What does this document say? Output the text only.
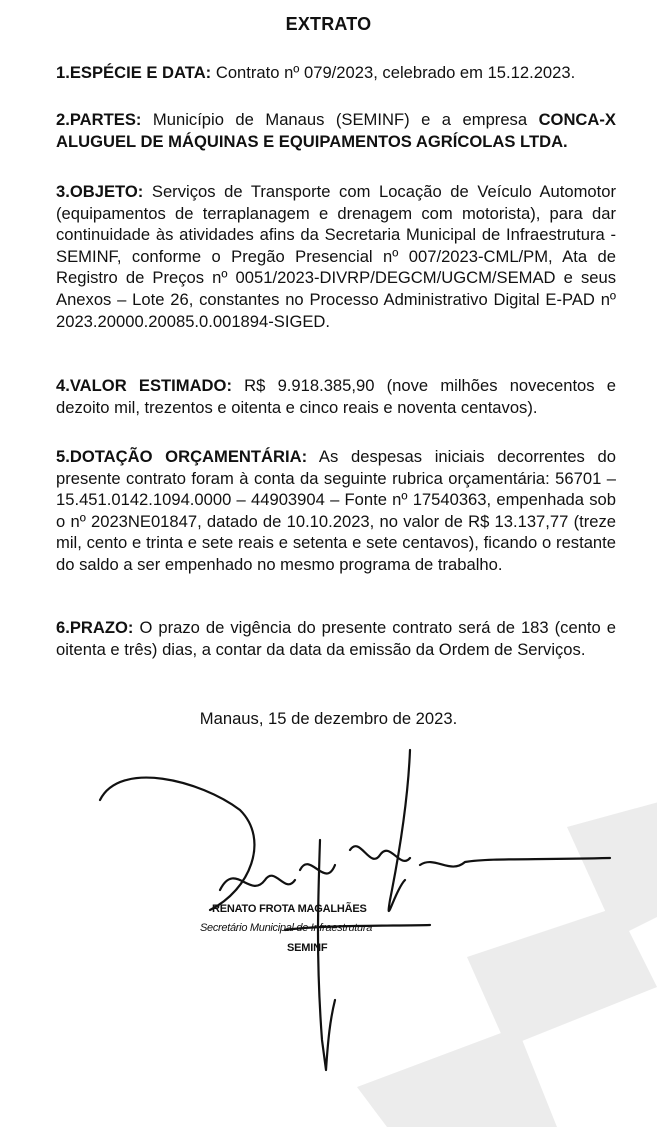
EXTRATO

1.ESPÉCIE E DATA: Contrato nº 079/2023, celebrado em 15.12.2023.

2.PARTES: Município de Manaus (SEMINF) e a empresa CONCA-X ALUGUEL DE MÁQUINAS E EQUIPAMENTOS AGRÍCOLAS LTDA.

3.OBJETO: Serviços de Transporte com Locação de Veículo Automotor (equipamentos de terraplanagem e drenagem com motorista), para dar continuidade às atividades afins da Secretaria Municipal de Infraestrutura - SEMINF, conforme o Pregão Presencial nº 007/2023-CML/PM, Ata de Registro de Preços nº 0051/2023-DIVRP/DEGCM/UGCM/SEMAD e seus Anexos – Lote 26, constantes no Processo Administrativo Digital E-PAD nº 2023.20000.20085.0.001894-SIGED.

4.VALOR ESTIMADO: R$ 9.918.385,90 (nove milhões novecentos e dezoito mil, trezentos e oitenta e cinco reais e noventa centavos).

5.DOTAÇÃO ORÇAMENTÁRIA: As despesas iniciais decorrentes do presente contrato foram à conta da seguinte rubrica orçamentária: 56701 – 15.451.0142.1094.0000 – 44903904 – Fonte nº 17540363, empenhada sob o nº 2023NE01847, datado de 10.10.2023, no valor de R$ 13.137,77 (treze mil, cento e trinta e sete reais e setenta e sete centavos), ficando o restante do saldo a ser empenhado no mesmo programa de trabalho.

6.PRAZO: O prazo de vigência do presente contrato será de 183 (cento e oitenta e três) dias, a contar da data da emissão da Ordem de Serviços.

Manaus, 15 de dezembro de 2023.
RENATO FROTA MAGALHÃES
Secretário Municipal de Infraestrutura
SEMINF
